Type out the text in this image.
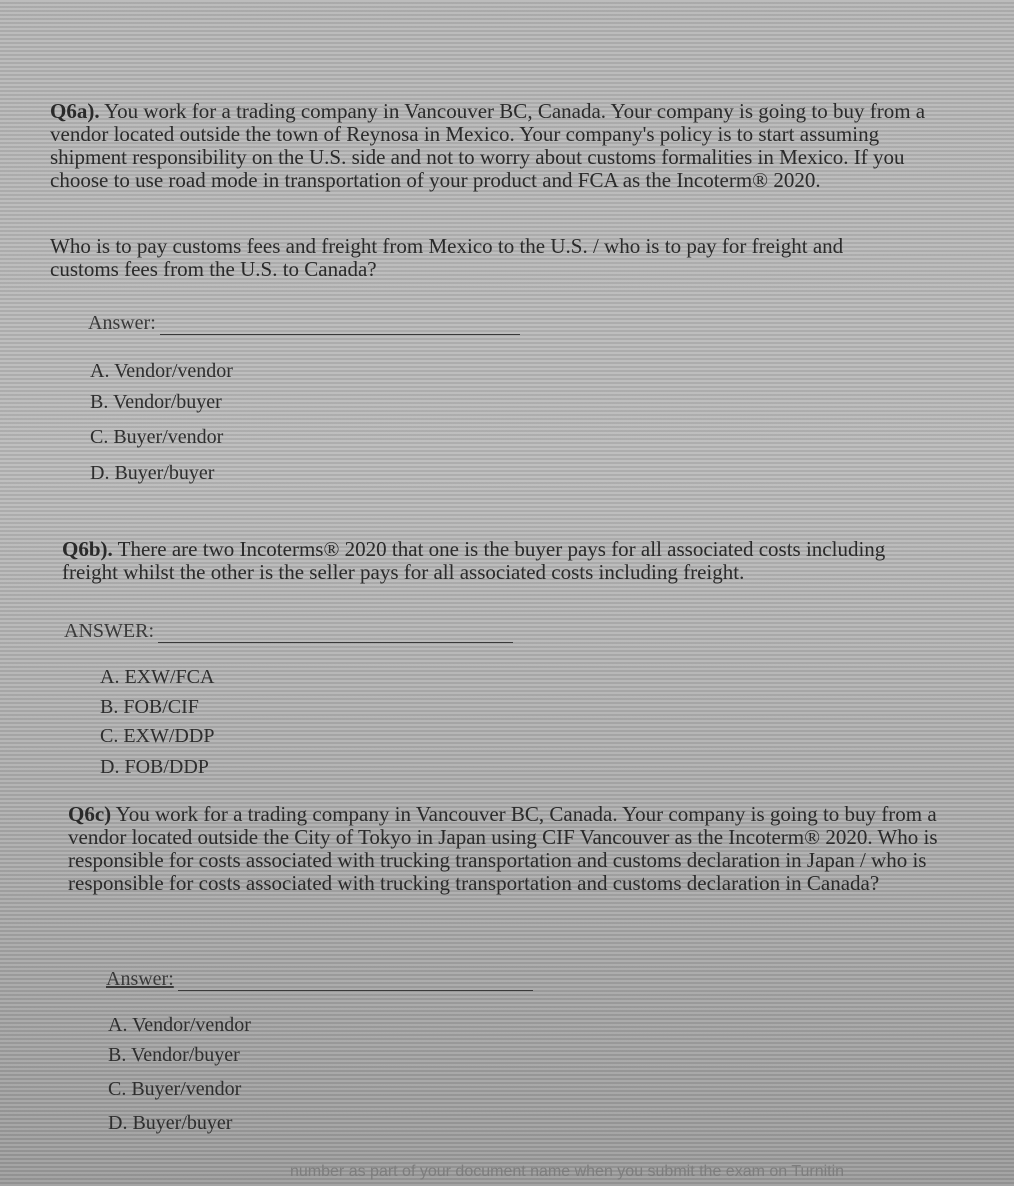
Q6a). You work for a trading company in Vancouver BC, Canada. Your company is going to buy from a vendor located outside the town of Reynosa in Mexico. Your company's policy is to start assuming shipment responsibility on the U.S. side and not to worry about customs formalities in Mexico. If you choose to use road mode in transportation of your product and FCA as the Incoterm® 2020.

Who is to pay customs fees and freight from Mexico to the U.S. / who is to pay for freight and customs fees from the U.S. to Canada?

Answer:
A. Vendor/vendor
B. Vendor/buyer
C. Buyer/vendor
D. Buyer/buyer

Q6b). There are two Incoterms® 2020 that one is the buyer pays for all associated costs including freight whilst the other is the seller pays for all associated costs including freight.

ANSWER:
A. EXW/FCA
B. FOB/CIF
C. EXW/DDP
D. FOB/DDP

Q6c) You work for a trading company in Vancouver BC, Canada. Your company is going to buy from a vendor located outside the City of Tokyo in Japan using CIF Vancouver as the Incoterm® 2020. Who is responsible for costs associated with trucking transportation and customs declaration in Japan / who is responsible for costs associated with trucking transportation and customs declaration in Canada?

Answer:
A. Vendor/vendor
B. Vendor/buyer
C. Buyer/vendor
D. Buyer/buyer
number as part of your document name when you submit the exam on Turnitin
